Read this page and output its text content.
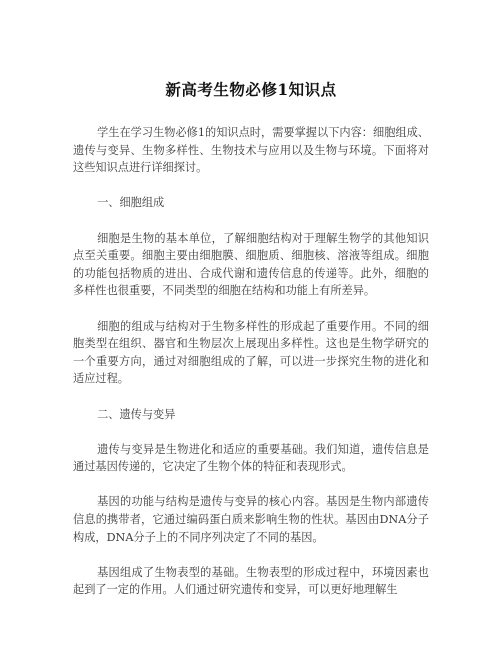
新高考生物必修1知识点

学生在学习生物必修1的知识点时，需要掌握以下内容：细胞组成、遗传与变异、生物多样性、生物技术与应用以及生物与环境。下面将对这些知识点进行详细探讨。

一、细胞组成

细胞是生物的基本单位，了解细胞结构对于理解生物学的其他知识点至关重要。细胞主要由细胞膜、细胞质、细胞核、溶液等组成。细胞的功能包括物质的进出、合成代谢和遗传信息的传递等。此外，细胞的多样性也很重要，不同类型的细胞在结构和功能上有所差异。

细胞的组成与结构对于生物多样性的形成起了重要作用。不同的细胞类型在组织、器官和生物层次上展现出多样性。这也是生物学研究的一个重要方向，通过对细胞组成的了解，可以进一步探究生物的进化和适应过程。

二、遗传与变异

遗传与变异是生物进化和适应的重要基础。我们知道，遗传信息是通过基因传递的，它决定了生物个体的特征和表现形式。

基因的功能与结构是遗传与变异的核心内容。基因是生物内部遗传信息的携带者，它通过编码蛋白质来影响生物的性状。基因由DNA分子构成，DNA分子上的不同序列决定了不同的基因。

基因组成了生物表型的基础。生物表型的形成过程中，环境因素也起到了一定的作用。人们通过研究遗传和变异，可以更好地理解生
